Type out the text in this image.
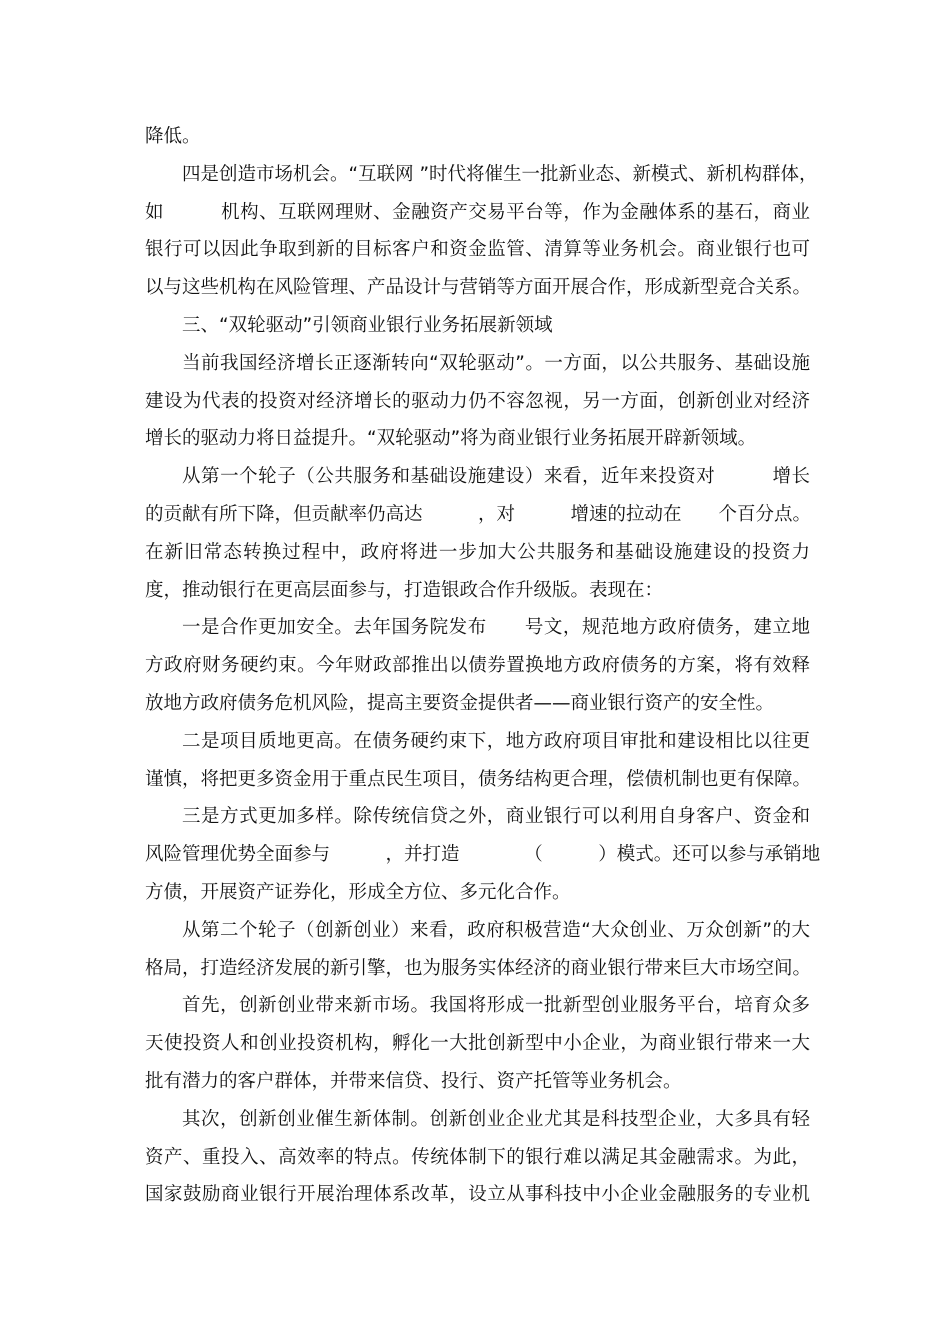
降低。
四是创造市场机会。“互联网 ”时代将催生一批新业态、新模式、新机构群体，
如　　　机构、互联网理财、金融资产交易平台等，作为金融体系的基石，商业
银行可以因此争取到新的目标客户和资金监管、清算等业务机会。商业银行也可
以与这些机构在风险管理、产品设计与营销等方面开展合作，形成新型竞合关系。
三、“双轮驱动”引领商业银行业务拓展新领域
当前我国经济增长正逐渐转向“双轮驱动”。一方面，以公共服务、基础设施
建设为代表的投资对经济增长的驱动力仍不容忽视，另一方面，创新创业对经济
增长的驱动力将日益提升。“双轮驱动”将为商业银行业务拓展开辟新领域。
从第一个轮子（公共服务和基础设施建设）来看，近年来投资对　　　增长
的贡献有所下降，但贡献率仍高达　　　，对　　　增速的拉动在　　个百分点。
在新旧常态转换过程中，政府将进一步加大公共服务和基础设施建设的投资力
度，推动银行在更高层面参与，打造银政合作升级版。表现在：
一是合作更加安全。去年国务院发布　　号文，规范地方政府债务，建立地
方政府财务硬约束。今年财政部推出以债券置换地方政府债务的方案，将有效释
放地方政府债务危机风险，提高主要资金提供者——商业银行资产的安全性。
二是项目质地更高。在债务硬约束下，地方政府项目审批和建设相比以往更
谨慎，将把更多资金用于重点民生项目，债务结构更合理，偿债机制也更有保障。
三是方式更加多样。除传统信贷之外，商业银行可以利用自身客户、资金和
风险管理优势全面参与　　　，并打造　　　　（　　　）模式。还可以参与承销地
方债，开展资产证券化，形成全方位、多元化合作。
从第二个轮子（创新创业）来看，政府积极营造“大众创业、万众创新”的大
格局，打造经济发展的新引擎，也为服务实体经济的商业银行带来巨大市场空间。
首先，创新创业带来新市场。我国将形成一批新型创业服务平台，培育众多
天使投资人和创业投资机构，孵化一大批创新型中小企业，为商业银行带来一大
批有潜力的客户群体，并带来信贷、投行、资产托管等业务机会。
其次，创新创业催生新体制。创新创业企业尤其是科技型企业，大多具有轻
资产、重投入、高效率的特点。传统体制下的银行难以满足其金融需求。为此，
国家鼓励商业银行开展治理体系改革，设立从事科技中小企业金融服务的专业机
